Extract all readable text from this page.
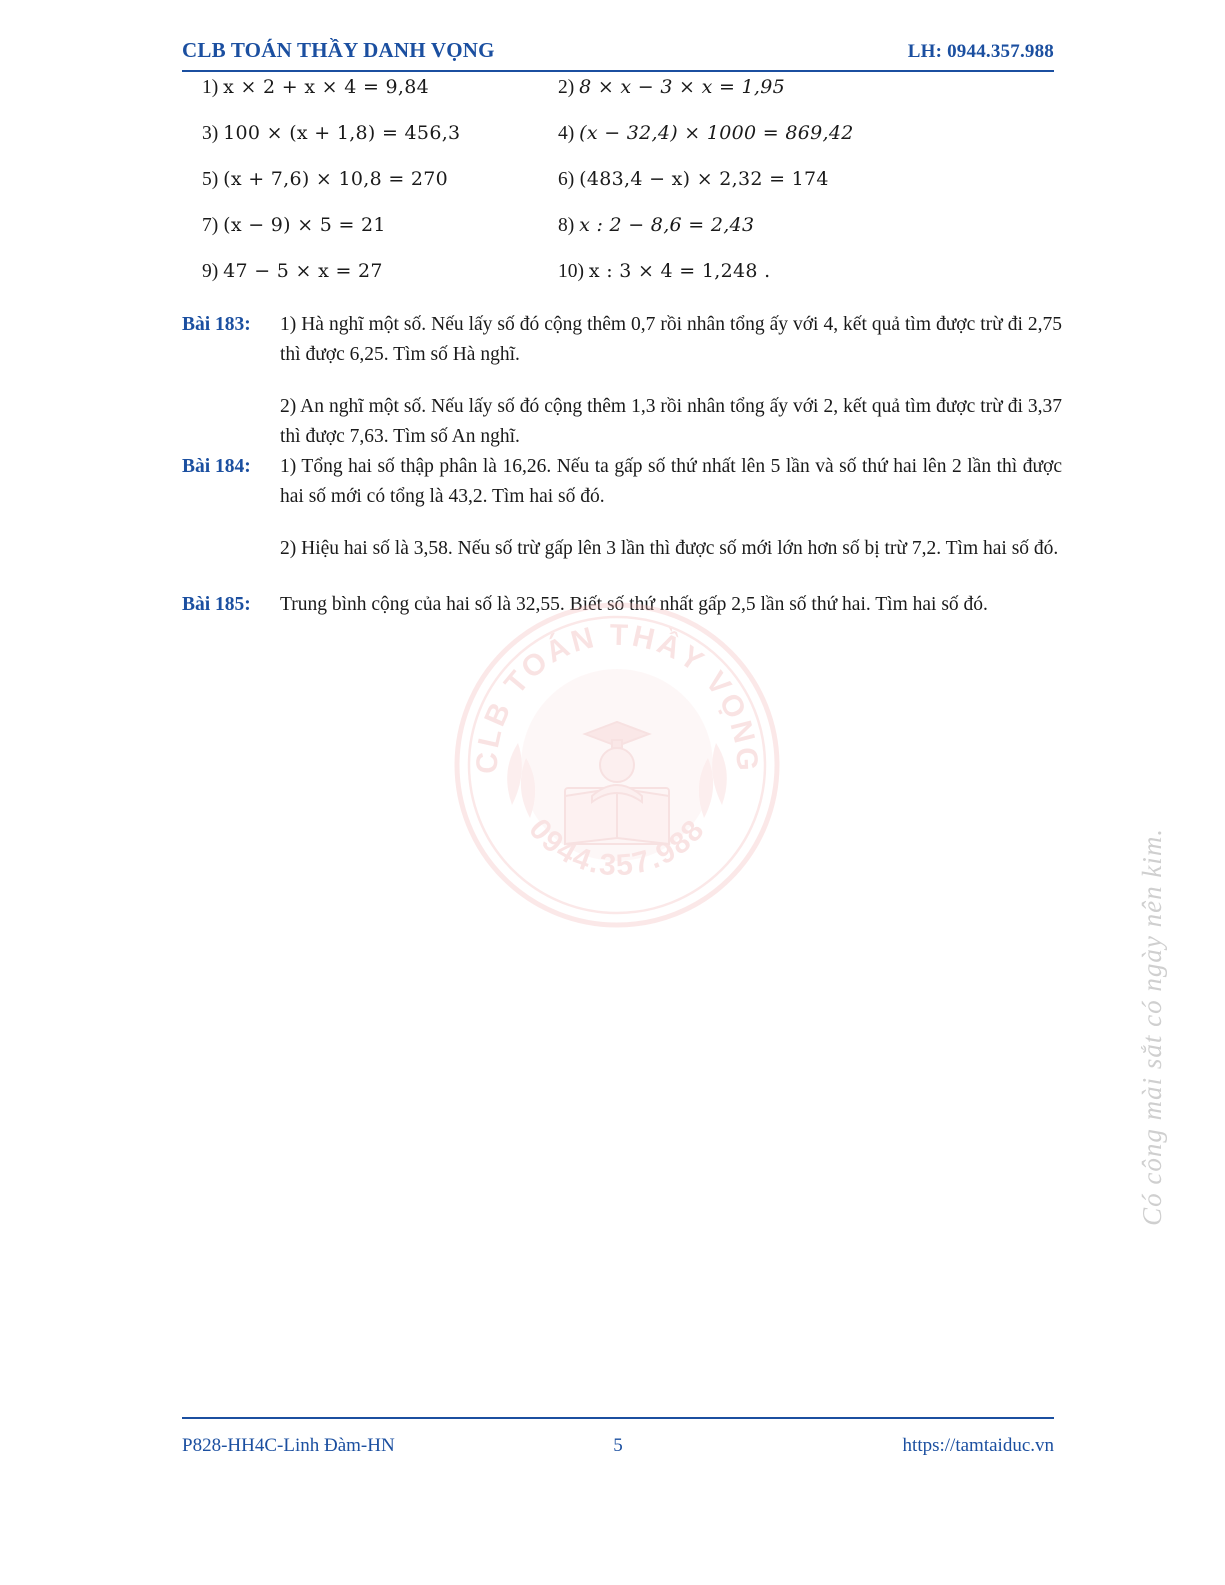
CLB TOÁN THẦY DANH VỌNG	LH: 0944.357.988
1) x × 2 + x × 4 = 9,84	2) 8 × x − 3 × x = 1,95
3) 100 × (x + 1,8) = 456,3	4) (x − 32,4) × 1000 = 869,42
5) (x + 7,6) × 10,8 = 270	6) (483,4 − x) × 2,32 = 174
7) (x − 9) × 5 = 21	8) x : 2 − 8,6 = 2,43
9) 47 − 5 × x = 27	10) x : 3 × 4 = 1,248 .
Bài 183:	1) Hà nghĩ một số. Nếu lấy số đó cộng thêm 0,7 rồi nhân tổng ấy với 4, kết quả tìm được trừ đi 2,75 thì được 6,25. Tìm số Hà nghĩ.

2) An nghĩ một số. Nếu lấy số đó cộng thêm 1,3 rồi nhân tổng ấy với 2, kết quả tìm được trừ đi 3,37 thì được 7,63. Tìm số An nghĩ.

Bài 184:	1) Tổng hai số thập phân là 16,26. Nếu ta gấp số thứ nhất lên 5 lần và số thứ hai lên 2 lần thì được hai số mới có tổng là 43,2. Tìm hai số đó.

2) Hiệu hai số là 3,58. Nếu số trừ gấp lên 3 lần thì được số mới lớn hơn số bị trừ 7,2. Tìm hai số đó.

Bài 185:	Trung bình cộng của hai số là 32,55. Biết số thứ nhất gấp 2,5 lần số thứ hai. Tìm hai số đó.

CLB TOÁN THẦY VỌNG
0944.357.988	Có công mài sắt có ngày nên kim.
P828-HH4C-Linh Đàm-HN	5	https://tamtaiduc.vn
